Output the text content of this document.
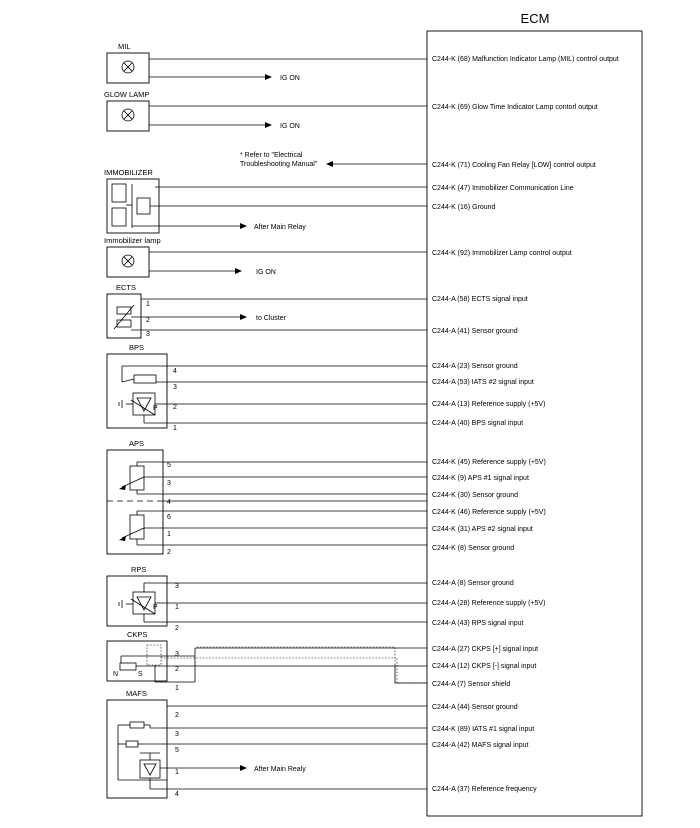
ECM
MIL
GLOW LAMP
IMMOBILIZER
Immobilizer lamp
ECTS
BPS
APS
RPS
CKPS
MAFS
IG ON
IG ON
* Refer to "Electrical
Troubleshooting Manual"
After Main Relay
IG ON
to Cluster
1
2
3
P
4
3
2
1
5
3
4
6
1
2
P
3
1
2
N	S
3
2
1
After Main Realy
2
3
5
1
4
C244-K (68) Malfunction Indicator Lamp (MIL) control output
C244-K (69) Glow Time Indicator Lamp contorl output
C244-K (71) Cooling Fan Relay [LOW] control output
C244-K (47) Immobilizer Communication Line
C244-K (16) Ground
C244-K (92) Immobilizer Lamp control output
C244-A (58) ECTS signal input
C244-A (41) Sensor ground
C244-A (23) Sensor ground
C244-A (53) IATS #2 signal input
C244-A (13) Reference supply (+5V)
C244-A (40) BPS signal input
C244-K (45) Reference supply (+5V)
C244-K (9) APS #1 signal input
C244-K (30) Sensor ground
C244-K (46) Reference supply (+5V)
C244-K (31) APS #2 signal input
C244-K (8) Sensor ground
C244-A (8) Sensor ground
C244-A (28) Reference supply (+5V)
C244-A (43) RPS signal input
C244-A (27) CKPS [+] signal input
C244-A (12) CKPS [-] signal input
C244-A (7) Sensor shield
C244-A (44) Sensor ground
C244-K (89) IATS #1 signal input
C244-A (42) MAFS signal input
C244-A (37) Reference frequency
